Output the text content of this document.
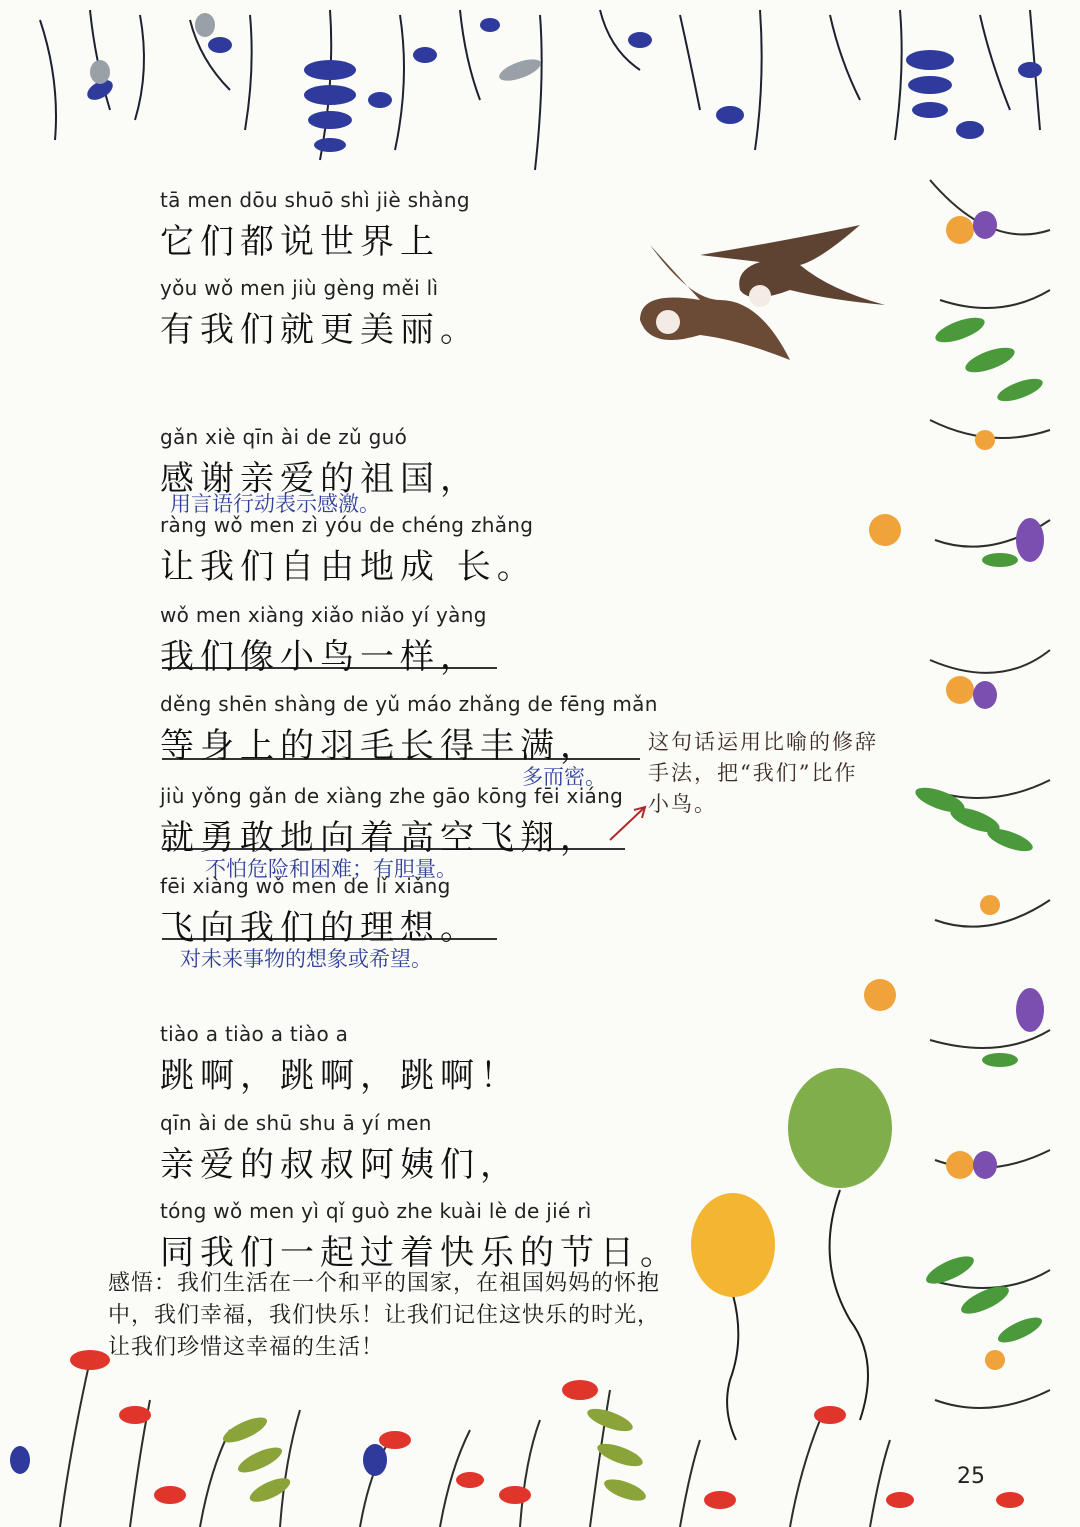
tā men dōu shuō shì jiè shàng
它们都说世界上
yǒu wǒ men jiù gèng měi lì
有我们就更美丽。
gǎn xiè qīn ài de zǔ guó
感谢亲爱的祖国，
用言语行动表示感激。
ràng wǒ men zì yóu de chéng zhǎng
让我们自由地成 长。
wǒ men xiàng xiǎo niǎo yí yàng
我们像小鸟一样，
děng shēn shàng de yǔ máo zhǎng de fēng mǎn
等身上的羽毛长得丰满，
多而密。
jiù yǒng gǎn de xiàng zhe gāo kōng fēi xiáng
就勇敢地向着高空飞翔，
不怕危险和困难；有胆量。
fēi xiàng wǒ men de lǐ xiǎng
飞向我们的理想。
对未来事物的想象或希望。
tiào a tiào a tiào a
跳啊，跳啊，跳啊！
qīn ài de shū shu ā yí men
亲爱的叔叔阿姨们，
tóng wǒ men yì qǐ guò zhe kuài lè de jié rì
同我们一起过着快乐的节日。
这句话运用比喻的修辞手法，把“我们”比作小鸟。
感悟：我们生活在一个和平的国家，在祖国妈妈的怀抱中，我们幸福，我们快乐！让我们记住这快乐的时光，让我们珍惜这幸福的生活！
25
